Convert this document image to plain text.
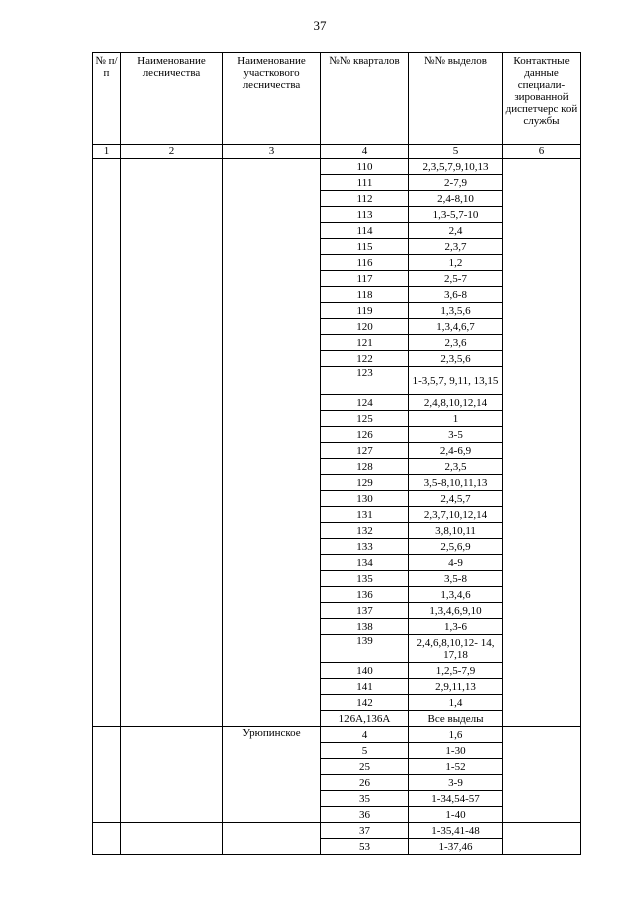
37
№ п/п	Наименование лесничества	Наименование участкового лесничества	№№ кварталов	№№ выделов	Контактные данные специали-зированной диспетчерс кой службы
1	2	3	4	5	6
			110	2,3,5,7,9,10,13	
			111	2-7,9	
			112	2,4-8,10	
			113	1,3-5,7-10	
			114	2,4	
			115	2,3,7	
			116	1,2	
			117	2,5-7	
			118	3,6-8	
			119	1,3,5,6	
			120	1,3,4,6,7	
			121	2,3,6	
			122	2,3,5,6	
			123	1-3,5,7, 9,11, 13,15	
			124	2,4,8,10,12,14	
			125	1	
			126	3-5	
			127	2,4-6,9	
			128	2,3,5	
			129	3,5-8,10,11,13	
			130	2,4,5,7	
			131	2,3,7,10,12,14	
			132	3,8,10,11	
			133	2,5,6,9	
			134	4-9	
			135	3,5-8	
			136	1,3,4,6	
			137	1,3,4,6,9,10	
			138	1,3-6	
			139	2,4,6,8,10,12- 14, 17,18	
			140	1,2,5-7,9	
			141	2,9,11,13	
			142	1,4	
			126А,136А	Все выделы	
		Урюпинское	4	1,6	
			5	1-30	
			25	1-52	
			26	3-9	
			35	1-34,54-57	
			36	1-40	
			37	1-35,41-48	
			53	1-37,46	
